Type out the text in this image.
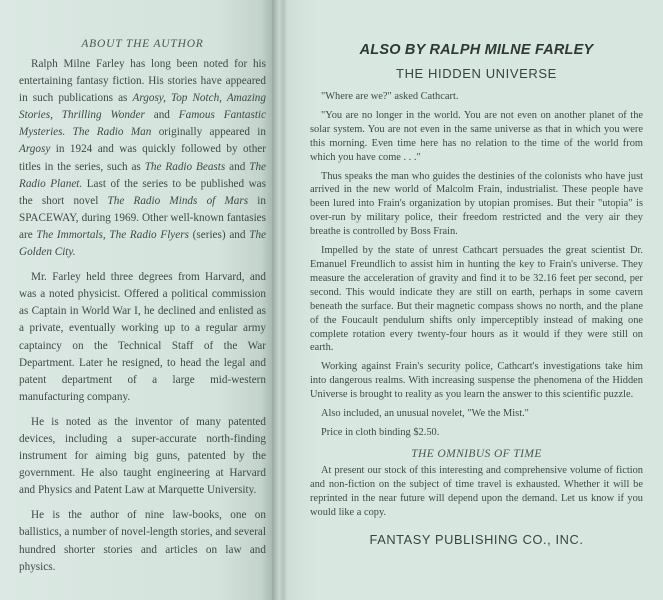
ABOUT THE AUTHOR

Ralph Milne Farley has long been noted for his entertaining fantasy fiction. His stories have appeared in such publications as Argosy, Top Notch, Amazing Stories, Thrilling Wonder and Famous Fantastic Mysteries. The Radio Man originally appeared in Argosy in 1924 and was quickly followed by other titles in the series, such as The Radio Beasts and The Radio Planet. Last of the series to be published was the short novel The Radio Minds of Mars in SPACEWAY, during 1969. Other well-known fantasies are The Immortals, The Radio Flyers (series) and The Golden City.

Mr. Farley held three degrees from Harvard, and was a noted physicist. Offered a political commission as Captain in World War I, he declined and enlisted as a private, eventually working up to a regular army captaincy on the Technical Staff of the War Department. Later he resigned, to head the legal and patent department of a large mid-western manufacturing company.

He is noted as the inventor of many patented devices, including a super-accurate north-finding instrument for aiming big guns, patented by the government. He also taught engineering at Harvard and Physics and Patent Law at Marquette University.

He is the author of nine law-books, one on ballistics, a number of novel-length stories, and several hundred shorter stories and articles on law and physics.

ALSO BY RALPH MILNE FARLEY
THE HIDDEN UNIVERSE

"Where are we?" asked Cathcart.

"You are no longer in the world. You are not even on another planet of the solar system. You are not even in the same universe as that in which you were this morning. Even time here has no relation to the time of the world from which you have come . . ."

Thus speaks the man who guides the destinies of the colonists who have just arrived in the new world of Malcolm Frain, industrialist. These people have been lured into Frain's organization by utopian promises. But their "utopia" is over-run by military police, their freedom restricted and the very air they breathe is controlled by Boss Frain.

Impelled by the state of unrest Cathcart persuades the great scientist Dr. Emanuel Freundlich to assist him in hunting the key to Frain's universe. They measure the acceleration of gravity and find it to be 32.16 feet per second, per second. This would indicate they are still on earth, perhaps in some cavern beneath the surface. But their magnetic compass shows no north, and the plane of the Foucault pendulum shifts only imperceptibly instead of making one complete rotation every twenty-four hours as it would if they were still on earth.

Working against Frain's security police, Cathcart's investigations take him into dangerous realms. With increasing suspense the phenomena of the Hidden Universe is brought to reality as you learn the answer to this scientific puzzle.

Also included, an unusual novelet, "We the Mist."

Price in cloth binding $2.50.

THE OMNIBUS OF TIME

At present our stock of this interesting and comprehensive volume of fiction and non-fiction on the subject of time travel is exhausted. Whether it will be reprinted in the near future will depend upon the demand. Let us know if you would like a copy.

FANTASY PUBLISHING CO., INC.
